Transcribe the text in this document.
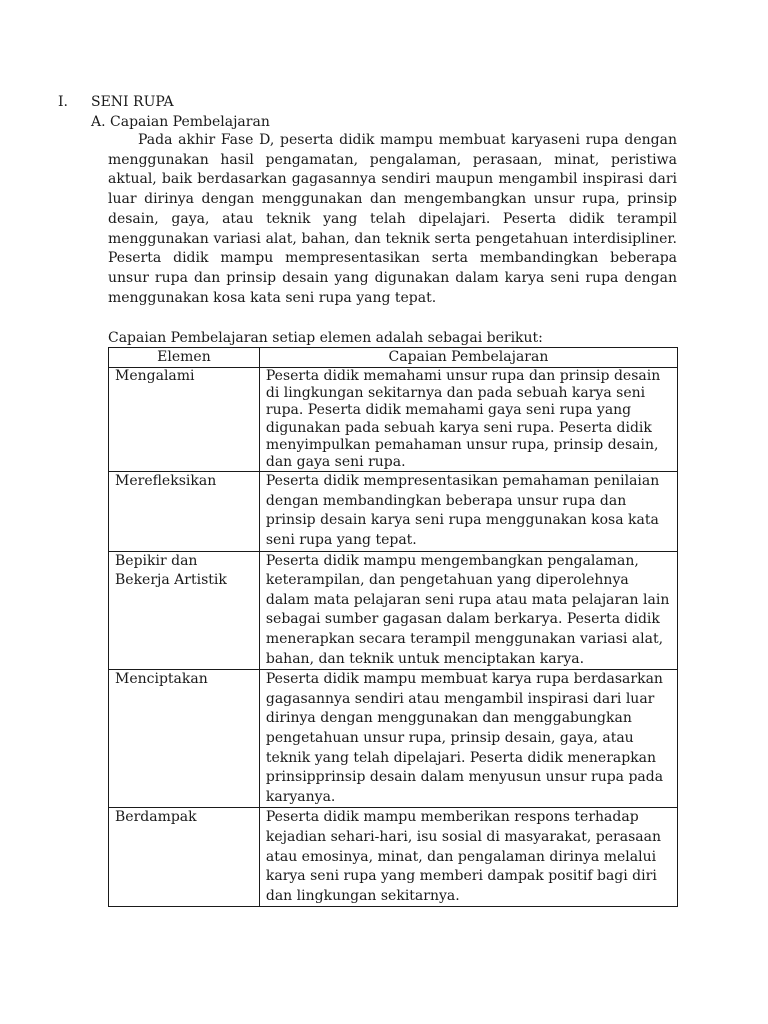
I. SENI RUPA
A. Capaian Pembelajaran

Pada akhir Fase D, peserta didik mampu membuat karyaseni rupa dengan menggunakan hasil pengamatan, pengalaman, perasaan, minat, peristiwa aktual, baik berdasarkan gagasannya sendiri maupun mengambil inspirasi dari luar dirinya dengan menggunakan dan mengembangkan unsur rupa, prinsip desain, gaya, atau teknik yang telah dipelajari. Peserta didik terampil menggunakan variasi alat, bahan, dan teknik serta pengetahuan interdisipliner. Peserta didik mampu mempresentasikan serta membandingkan beberapa unsur rupa dan prinsip desain yang digunakan dalam karya seni rupa dengan menggunakan kosa kata seni rupa yang tepat.

Capaian Pembelajaran setiap elemen adalah sebagai berikut:
Elemen	Capaian Pembelajaran
Mengalami	Peserta didik memahami unsur rupa dan prinsip desain di lingkungan sekitarnya dan pada sebuah karya seni rupa. Peserta didik memahami gaya seni rupa yang digunakan pada sebuah karya seni rupa. Peserta didik menyimpulkan pemahaman unsur rupa, prinsip desain, dan gaya seni rupa.
Merefleksikan	Peserta didik mempresentasikan pemahaman penilaian dengan membandingkan beberapa unsur rupa dan prinsip desain karya seni rupa menggunakan kosa kata seni rupa yang tepat.
Bepikir dan Bekerja Artistik	Peserta didik mampu mengembangkan pengalaman, keterampilan, dan pengetahuan yang diperolehnya dalam mata pelajaran seni rupa atau mata pelajaran lain sebagai sumber gagasan dalam berkarya. Peserta didik menerapkan secara terampil menggunakan variasi alat, bahan, dan teknik untuk menciptakan karya.
Menciptakan	Peserta didik mampu membuat karya rupa berdasarkan gagasannya sendiri atau mengambil inspirasi dari luar dirinya dengan menggunakan dan menggabungkan pengetahuan unsur rupa, prinsip desain, gaya, atau teknik yang telah dipelajari. Peserta didik menerapkan prinsipprinsip desain dalam menyusun unsur rupa pada karyanya.
Berdampak	Peserta didik mampu memberikan respons terhadap kejadian sehari-hari, isu sosial di masyarakat, perasaan atau emosinya, minat, dan pengalaman dirinya melalui karya seni rupa yang memberi dampak positif bagi diri dan lingkungan sekitarnya.
